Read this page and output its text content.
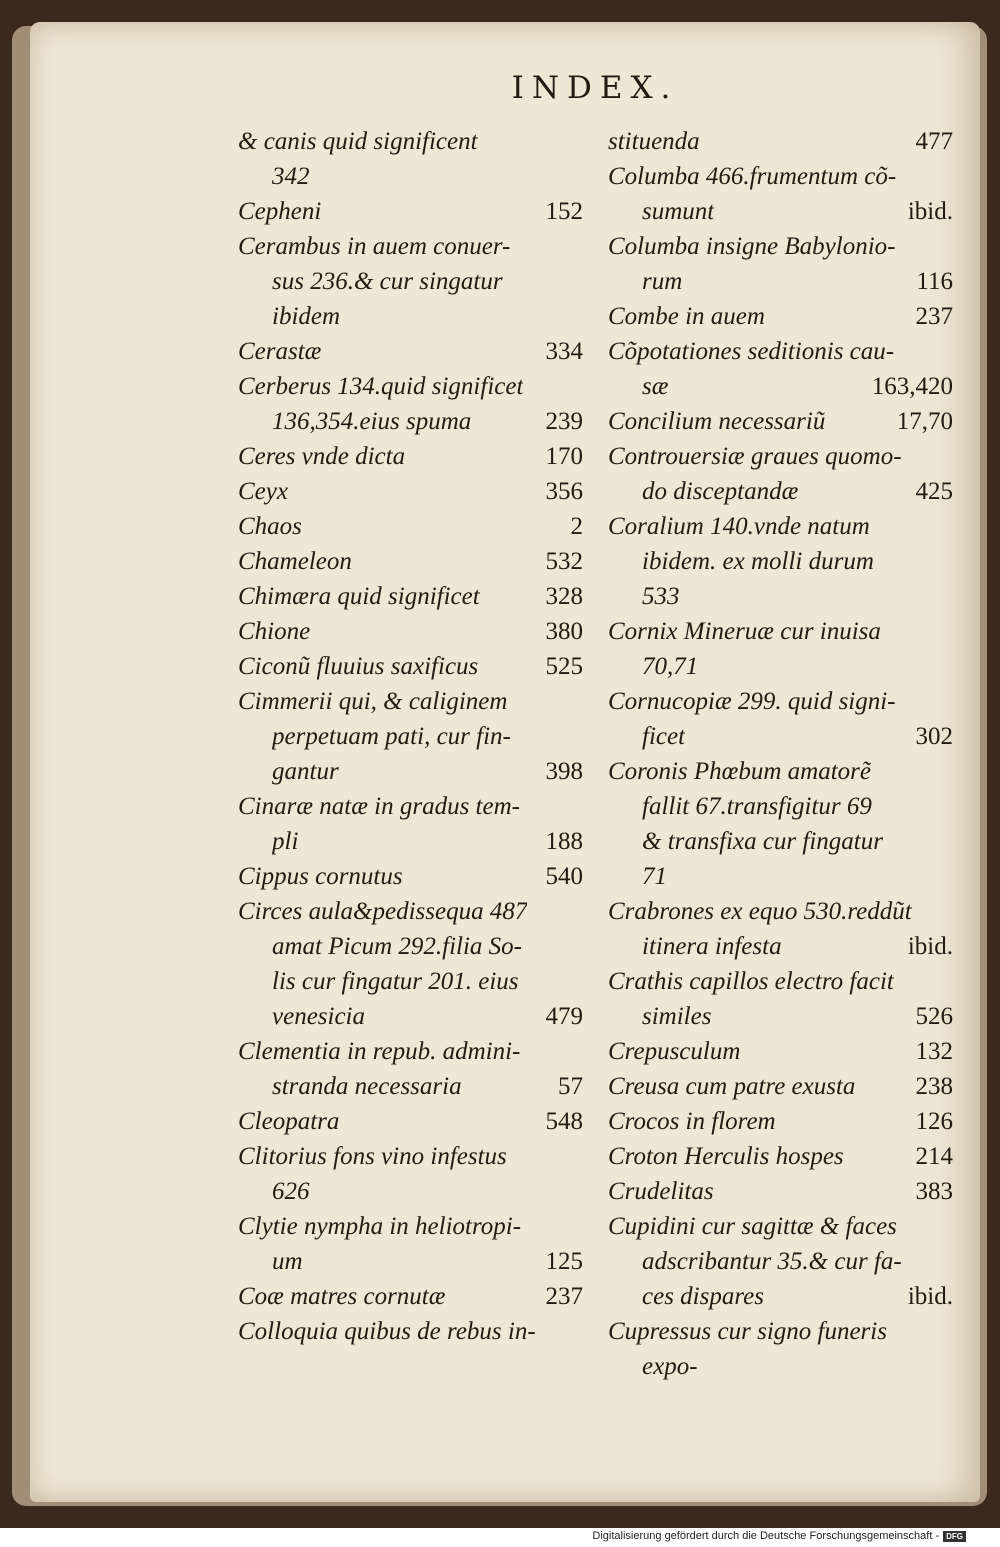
INDEX.
& canis quid significent
342
Cepheni	152
Cerambus in auem conuer-
sus 236.& cur singatur
ibidem
Cerastæ	334
Cerberus 134.quid significet
136,354.eius spuma	239
Ceres vnde dicta	170
Ceyx	356
Chaos	2
Chameleon	532
Chimæra quid significet	328
Chione	380
Ciconũ fluuius saxificus	525
Cimmerii qui, & caliginem
perpetuam pati, cur fin-
gantur	398
Cinaræ natæ in gradus tem-
pli	188
Cippus cornutus	540
Circes aula&pedissequa 487
amat Picum 292.filia So-
lis cur fingatur 201. eius
venesicia	479
Clementia in repub. admini-
stranda necessaria	57
Cleopatra	548
Clitorius fons vino infestus
626
Clytie nympha in heliotropi-
um	125
Coæ matres cornutæ	237
Colloquia quibus de rebus in-
stituenda	477
Columba 466.frumentum cõ-
sumunt	ibid.
Columba insigne Babylonio-
rum	116
Combe in auem	237
Cõpotationes seditionis cau-
sæ	163,420
Concilium necessariũ	17,70
Controuersiæ graues quomo-
do disceptandæ	425
Coralium 140.vnde natum
ibidem. ex molli durum
533
Cornix Mineruæ cur inuisa
70,71
Cornucopiæ 299. quid signi-
ficet	302
Coronis Phœbum amatorẽ
fallit 67.transfigitur 69
& transfixa cur fingatur
71
Crabrones ex equo 530.reddũt
itinera infesta	ibid.
Crathis capillos electro facit
similes	526
Crepusculum	132
Creusa cum patre exusta	238
Crocos in florem	126
Croton Herculis hospes	214
Crudelitas	383
Cupidini cur sagittæ & faces
adscribantur 35.& cur fa-
ces dispares	ibid.
Cupressus cur signo funeris
expo-
Digitalisierung gefördert durch die Deutsche Forschungsgemeinschaft - DFG
